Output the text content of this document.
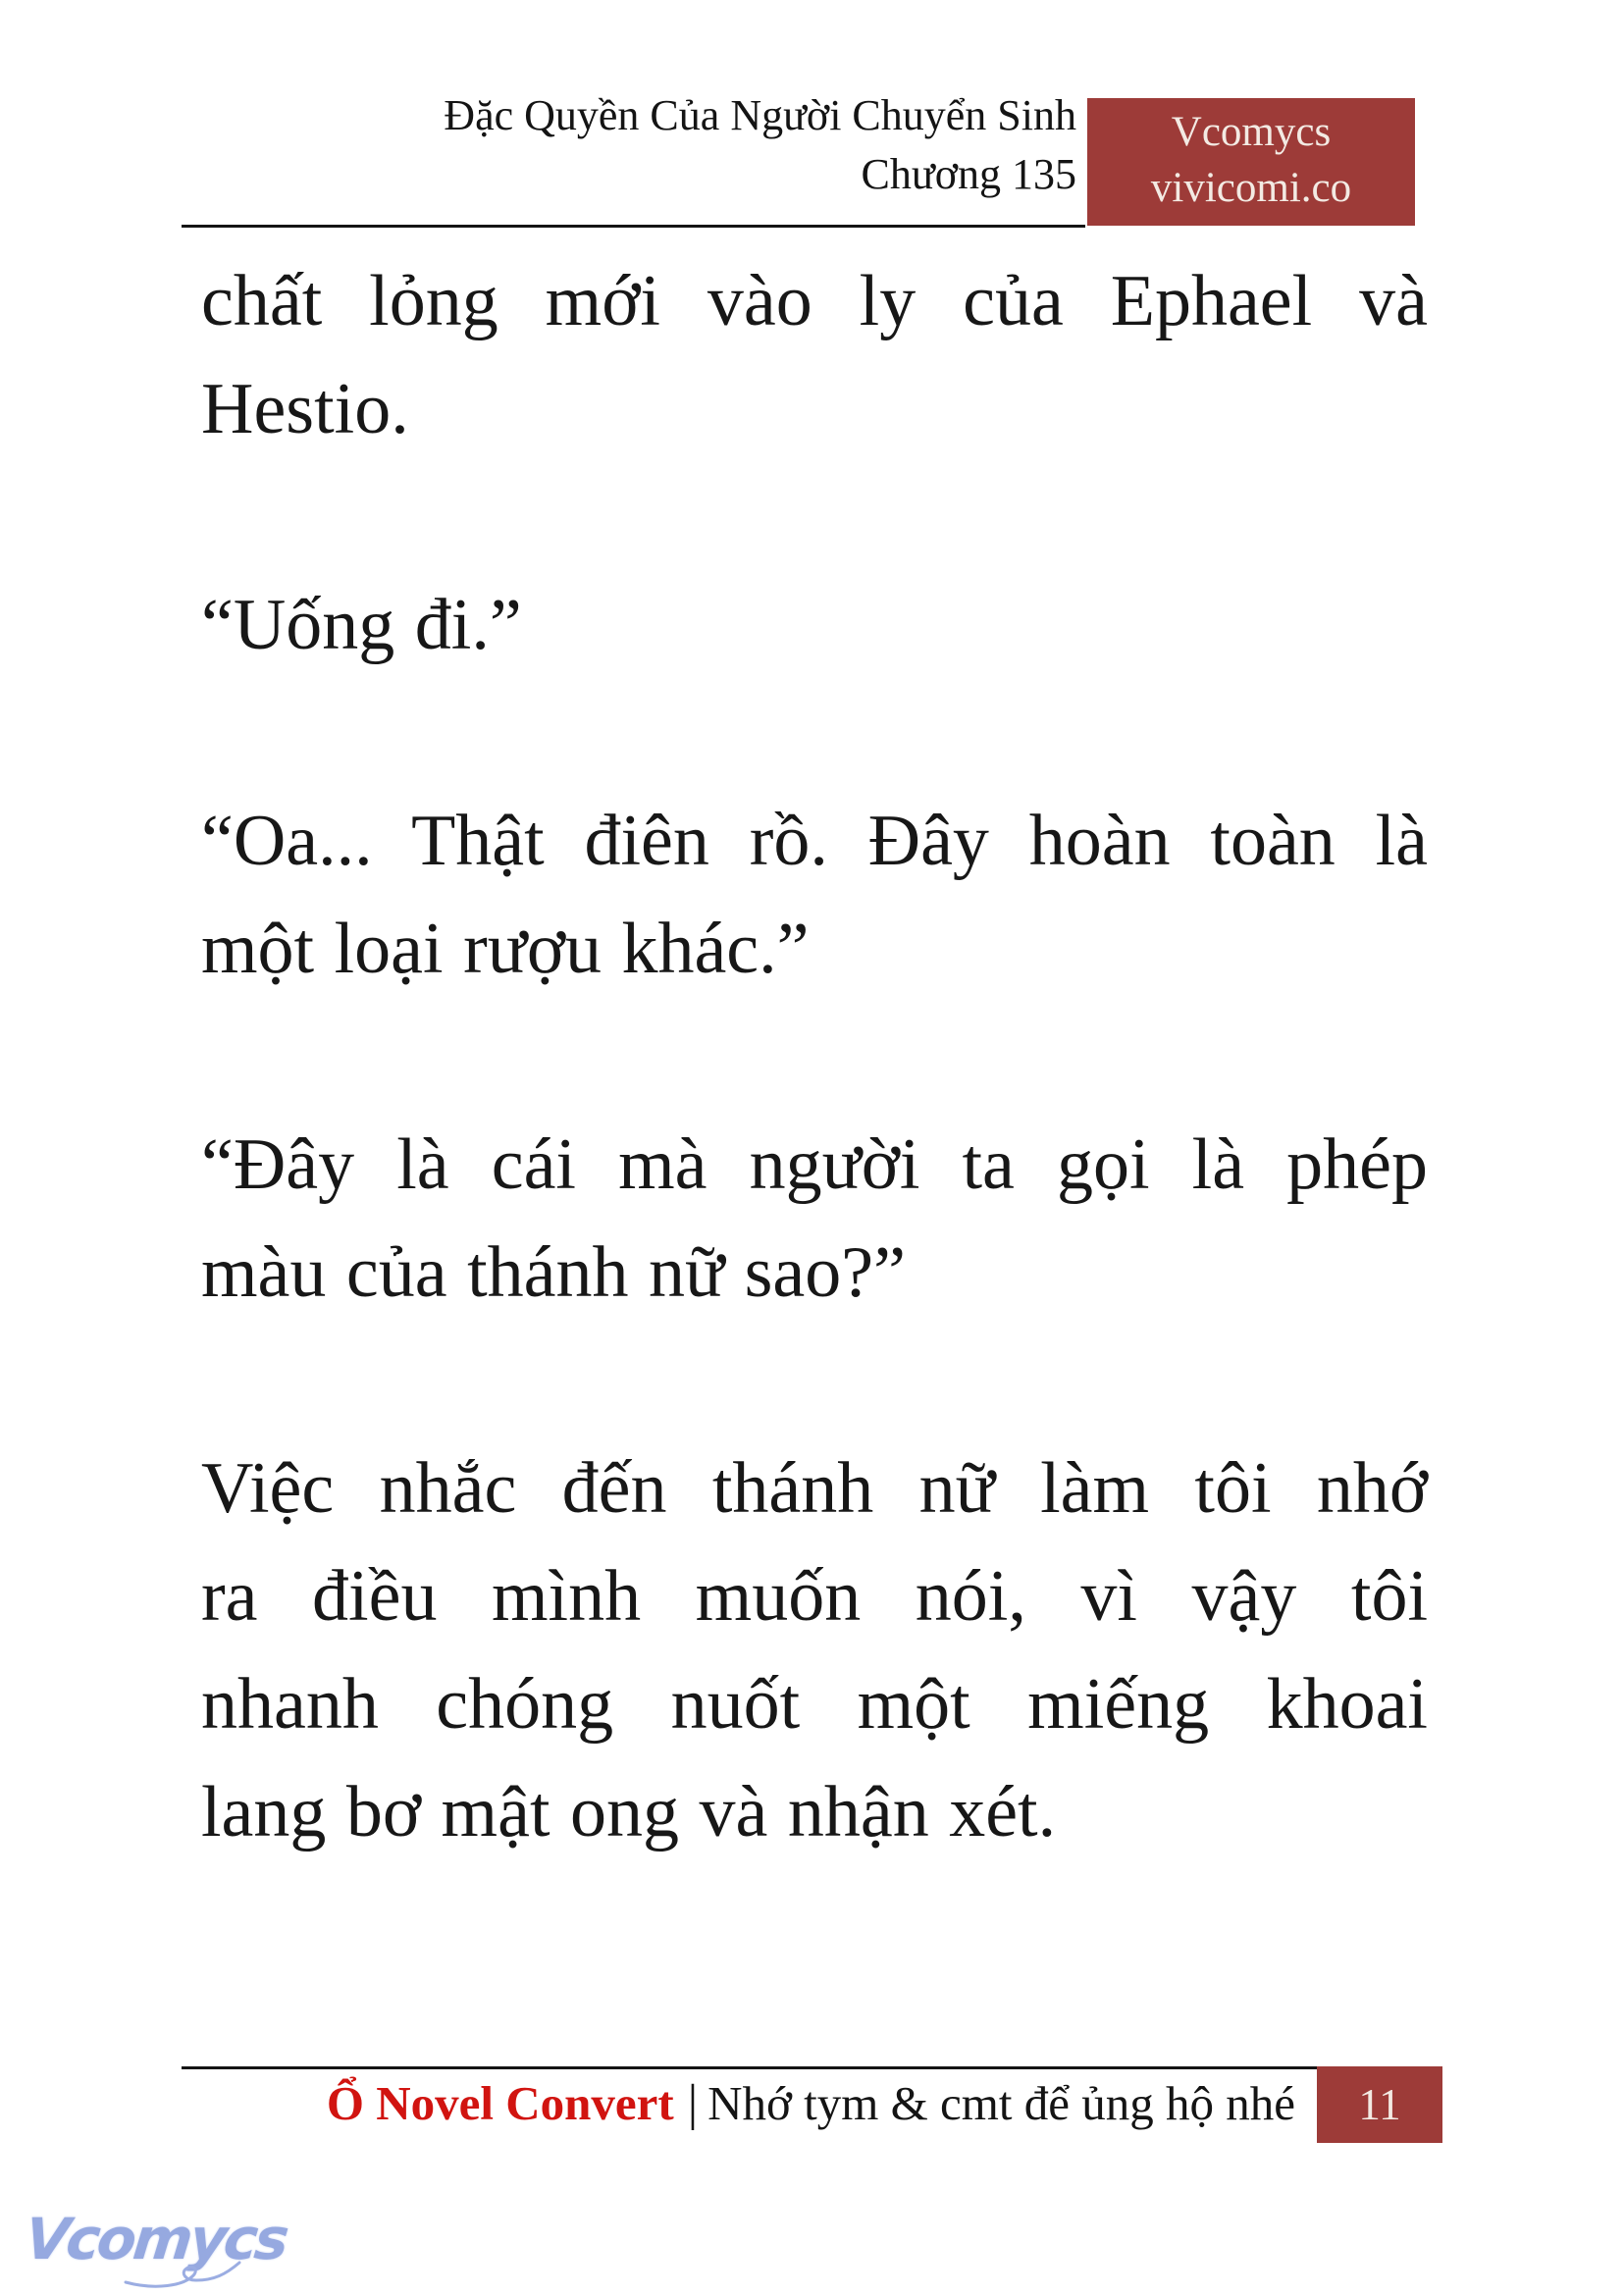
Đặc Quyền Của Người Chuyển Sinh
Chương 135
Vcomycs
vivicomi.co
chất lỏng mới vào ly của Ephael và
Hestio.
“Uống đi.”
“Oa... Thật điên rồ. Đây hoàn toàn là
một loại rượu khác.”
“Đây là cái mà người ta gọi là phép
màu của thánh nữ sao?”
Việc nhắc đến thánh nữ làm tôi nhớ
ra điều mình muốn nói, vì vậy tôi
nhanh chóng nuốt một miếng khoai
lang bơ mật ong và nhận xét.
Ổ Novel Convert | Nhớ tym & cmt để ủng hộ nhé 11
Vcomycs
